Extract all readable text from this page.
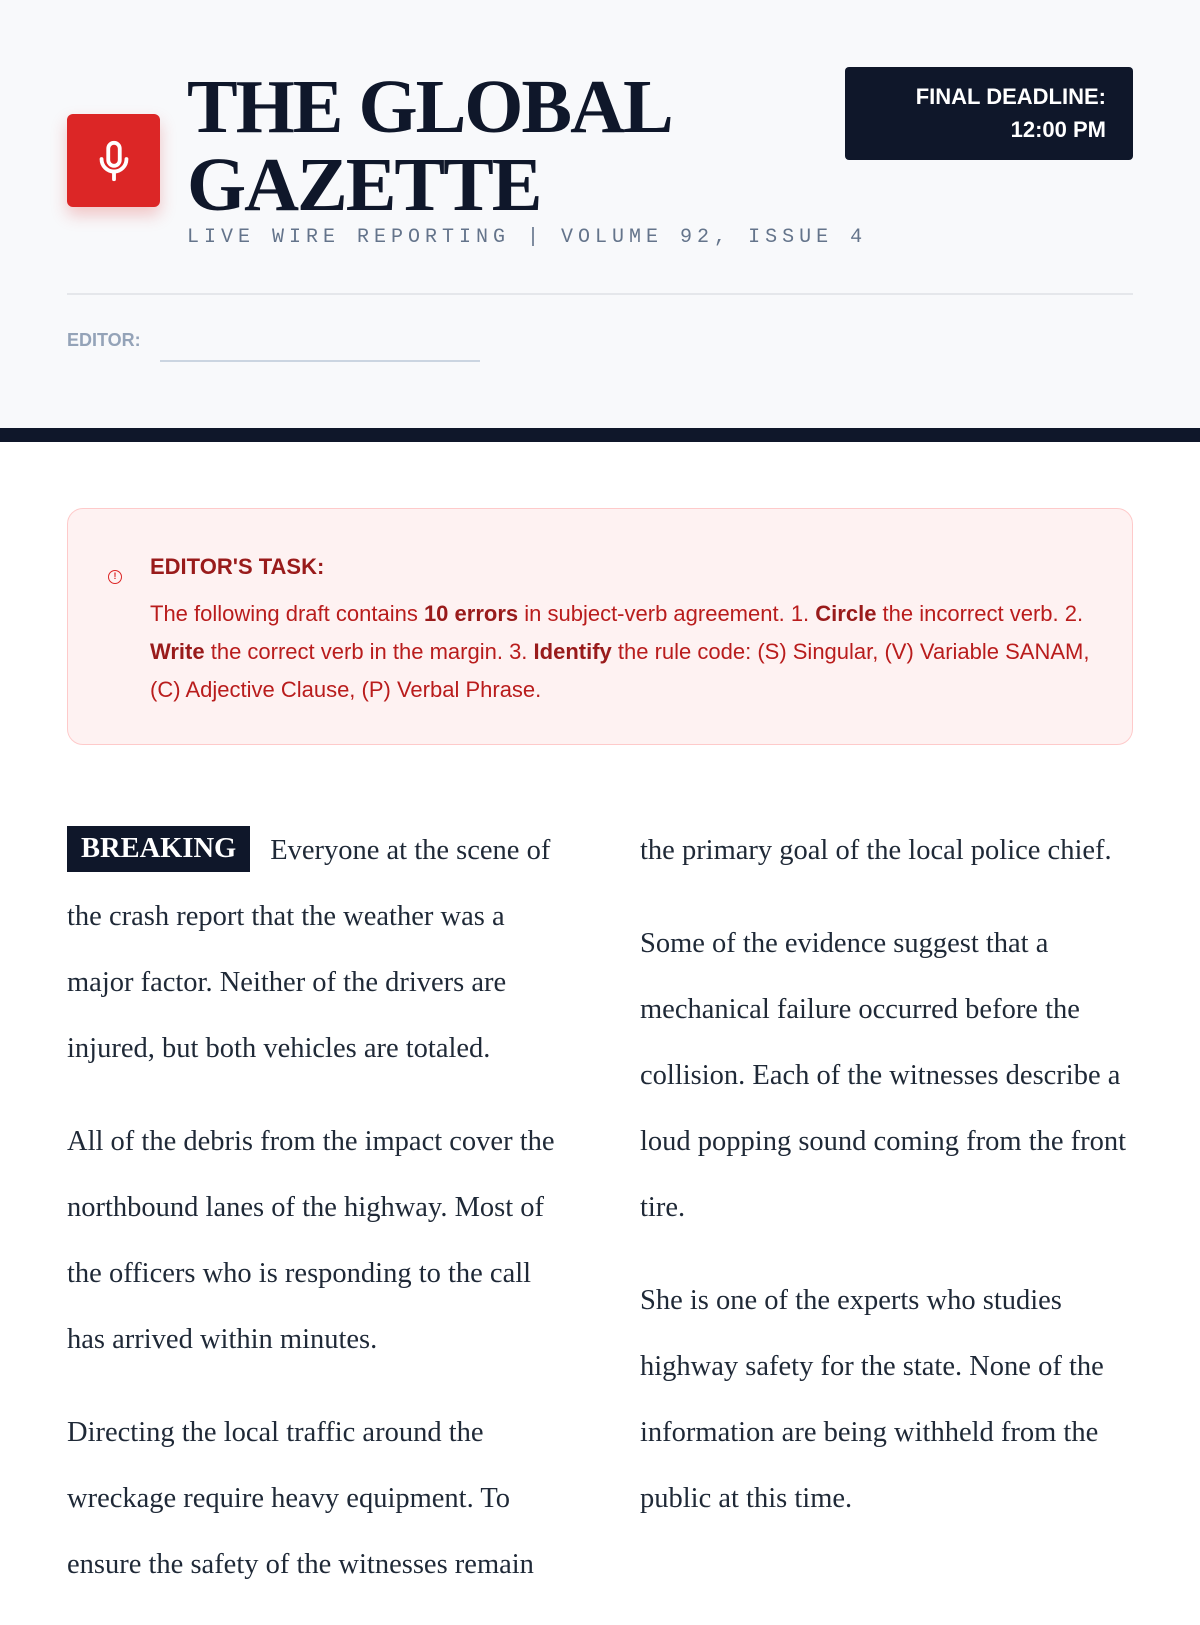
THE GLOBAL
GAZETTE
LIVE WIRE REPORTING | VOLUME 92, ISSUE 4
FINAL DEADLINE:
12:00 PM
EDITOR:
! EDITOR'S TASK:
The following draft contains 10 errors in subject-verb agreement. 1. Circle the incorrect verb. 2. Write the correct verb in the margin. 3. Identify the rule code: (S) Singular, (V) Variable SANAM, (C) Adjective Clause, (P) Verbal Phrase.

BREAKING Everyone at the scene of the crash report that the weather was a major factor. Neither of the drivers are injured, but both vehicles are totaled.

All of the debris from the impact cover the northbound lanes of the highway. Most of the officers who is responding to the call has arrived within minutes.

Directing the local traffic around the wreckage require heavy equipment. To ensure the safety of the witnesses remain

the primary goal of the local police chief.

Some of the evidence suggest that a mechanical failure occurred before the collision. Each of the witnesses describe a loud popping sound coming from the front tire.

She is one of the experts who studies highway safety for the state. None of the information are being withheld from the public at this time.
